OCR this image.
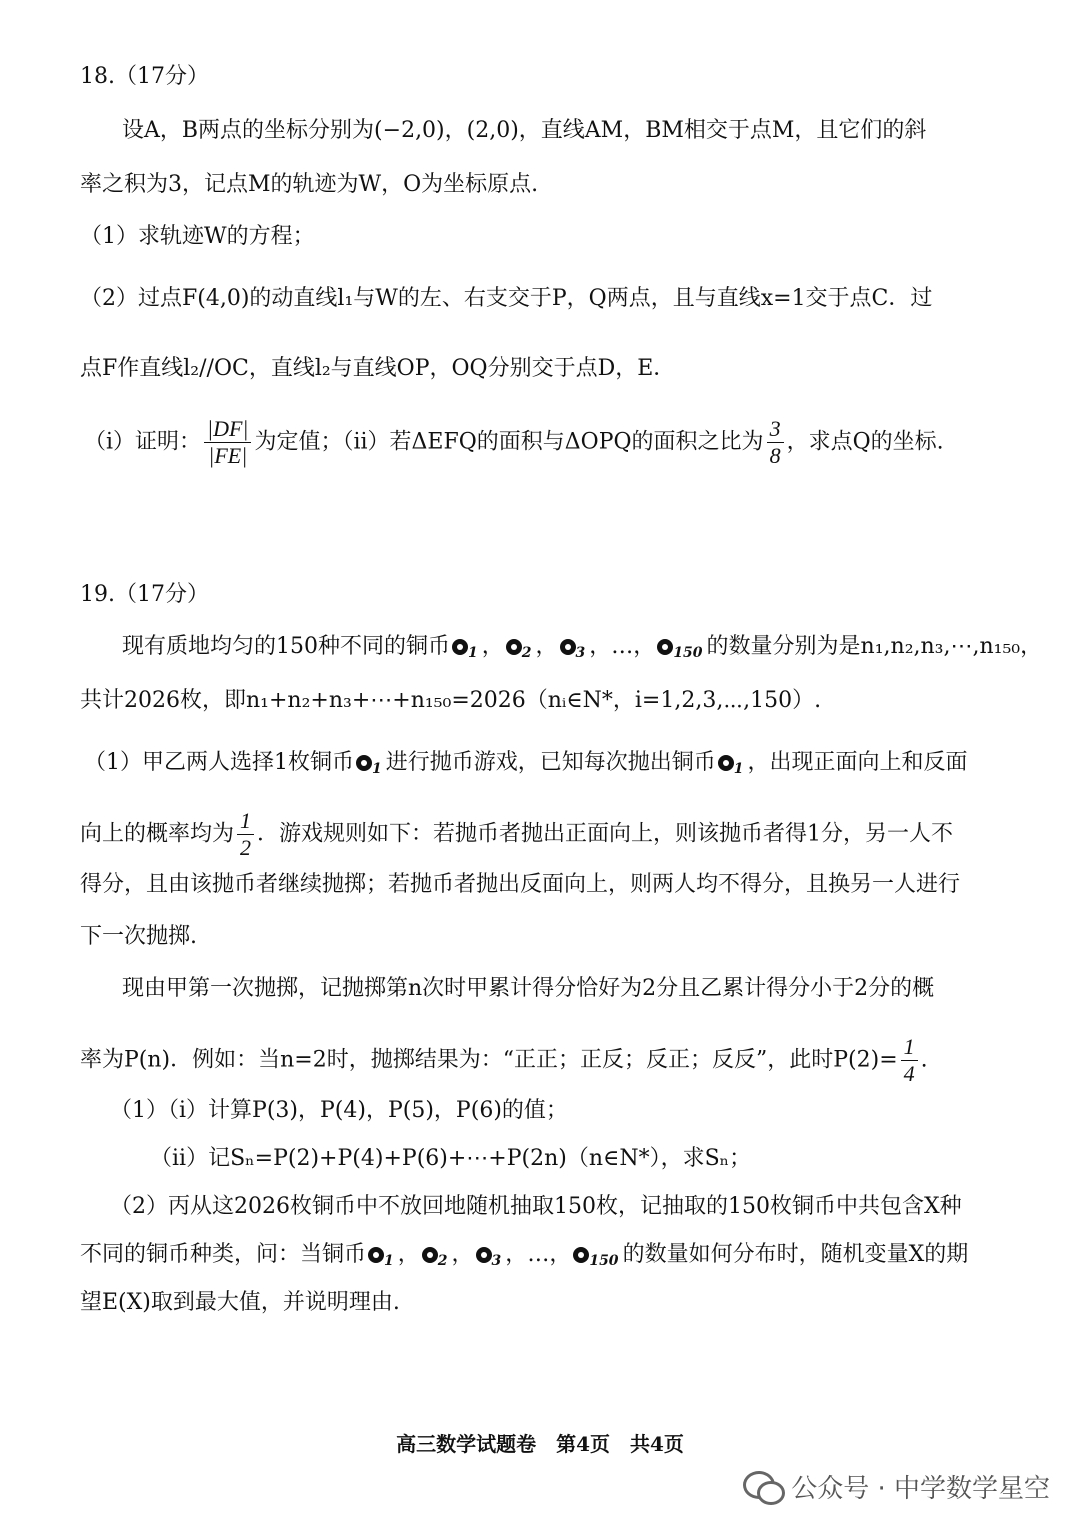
18.（17分）
设A，B两点的坐标分别为(−2,0)，(2,0)，直线AM，BM相交于点M，且它们的斜
率之积为3，记点M的轨迹为W，O为坐标原点.
（1）求轨迹W的方程；
（2）过点F(4,0)的动直线l₁与W的左、右支交于P，Q两点，且与直线x=1交于点C．过
点F作直线l₂//OC，直线l₂与直线OP，OQ分别交于点D，E．
（i）证明： $\frac{|DF|}{|FE|}$ 为定值；（ii）若ΔEFQ的面积与ΔOPQ的面积之比为 $\frac{3}{8}$ ，求点Q的坐标.
19.（17分）
现有质地均匀的150种不同的铜币 1 ， 2 ， 3 ，…， 150 的数量分别为是n₁,n₂,n₃,⋯,n₁₅₀，
共计2026枚，即n₁+n₂+n₃+⋯+n₁₅₀=2026（nᵢ∈N*，i=1,2,3,⋯,150）.
（1）甲乙两人选择1枚铜币 1 进行抛币游戏，已知每次抛出铜币 1 ，出现正面向上和反面
向上的概率均为 $\frac{1}{2}$ ．游戏规则如下：若抛币者抛出正面向上，则该抛币者得1分，另一人不
得分，且由该抛币者继续抛掷；若抛币者抛出反面向上，则两人均不得分，且换另一人进行
下一次抛掷.
现由甲第一次抛掷，记抛掷第n次时甲累计得分恰好为2分且乙累计得分小于2分的概
率为P(n)．例如：当n=2时，抛掷结果为：“正正；正反；反正；反反”，此时$P(2)= \frac{1}{4}$ .
（1）（i）计算P(3)，P(4)，P(5)，P(6)的值；
（ii）记Sₙ=P(2)+P(4)+P(6)+⋯+P(2n)（n∈N*），求Sₙ；
（2）丙从这2026枚铜币中不放回地随机抽取150枚，记抽取的150枚铜币中共包含X种
不同的铜币种类，问：当铜币 1 ， 2 ， 3 ，…， 150 的数量如何分布时，随机变量X的期
望E(X)取到最大值，并说明理由.
高三数学试题卷　第4页　共4页
公众号 · 中学数学星空
